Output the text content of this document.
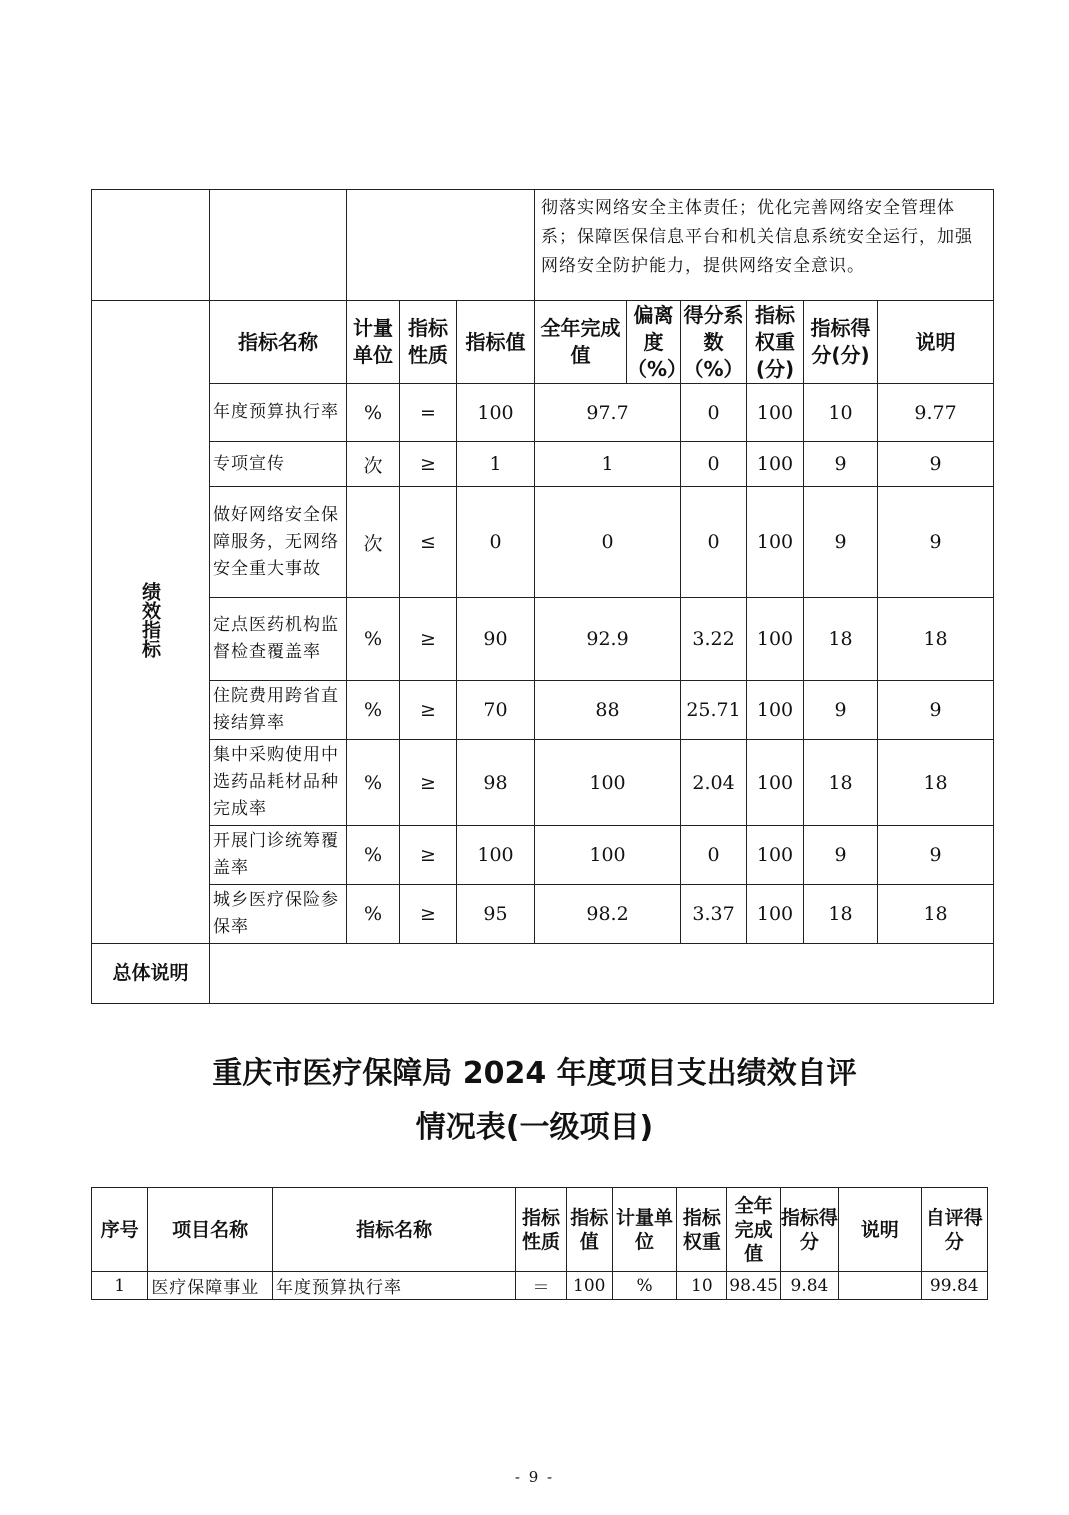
					彻落实网络安全主体责任；优化完善网络安全管理体系；保障医保信息平台和机关信息系统安全运行，加强网络安全防护能力，提供网络安全意识。						
绩效指标	指标名称	计量单位	指标性质	指标值	全年完成值	偏离度（%）	得分系数（%）	指标权重(分)	指标得分(分)	说明	
	年度预算执行率	%	=	100	97.7		0	100	10	9.77	
	专项宣传	次	≥	1	1		0	100	9	9	
	做好网络安全保障服务，无网络安全重大事故	次	≤	0	0		0	100	9	9	
	定点医药机构监督检查覆盖率	%	≥	90	92.9		3.22	100	18	18	
	住院费用跨省直接结算率	%	≥	70	88		25.71	100	9	9	
	集中采购使用中选药品耗材品种完成率	%	≥	98	100		2.04	100	18	18	
	开展门诊统筹覆盖率	%	≥	100	100		0	100	9	9	
	城乡医疗保险参保率	%	≥	95	98.2		3.37	100	18	18	
总体说明											
重庆市医疗保障局 2024 年度项目支出绩效自评
情况表(一级项目)
序号	项目名称	指标名称	指标性质	指标值	计量单位	指标权重	全年完成值	指标得分	说明	自评得分
1	医疗保障事业	年度预算执行率	＝	100	%	10	98.45	9.84		99.84
- 9 -
